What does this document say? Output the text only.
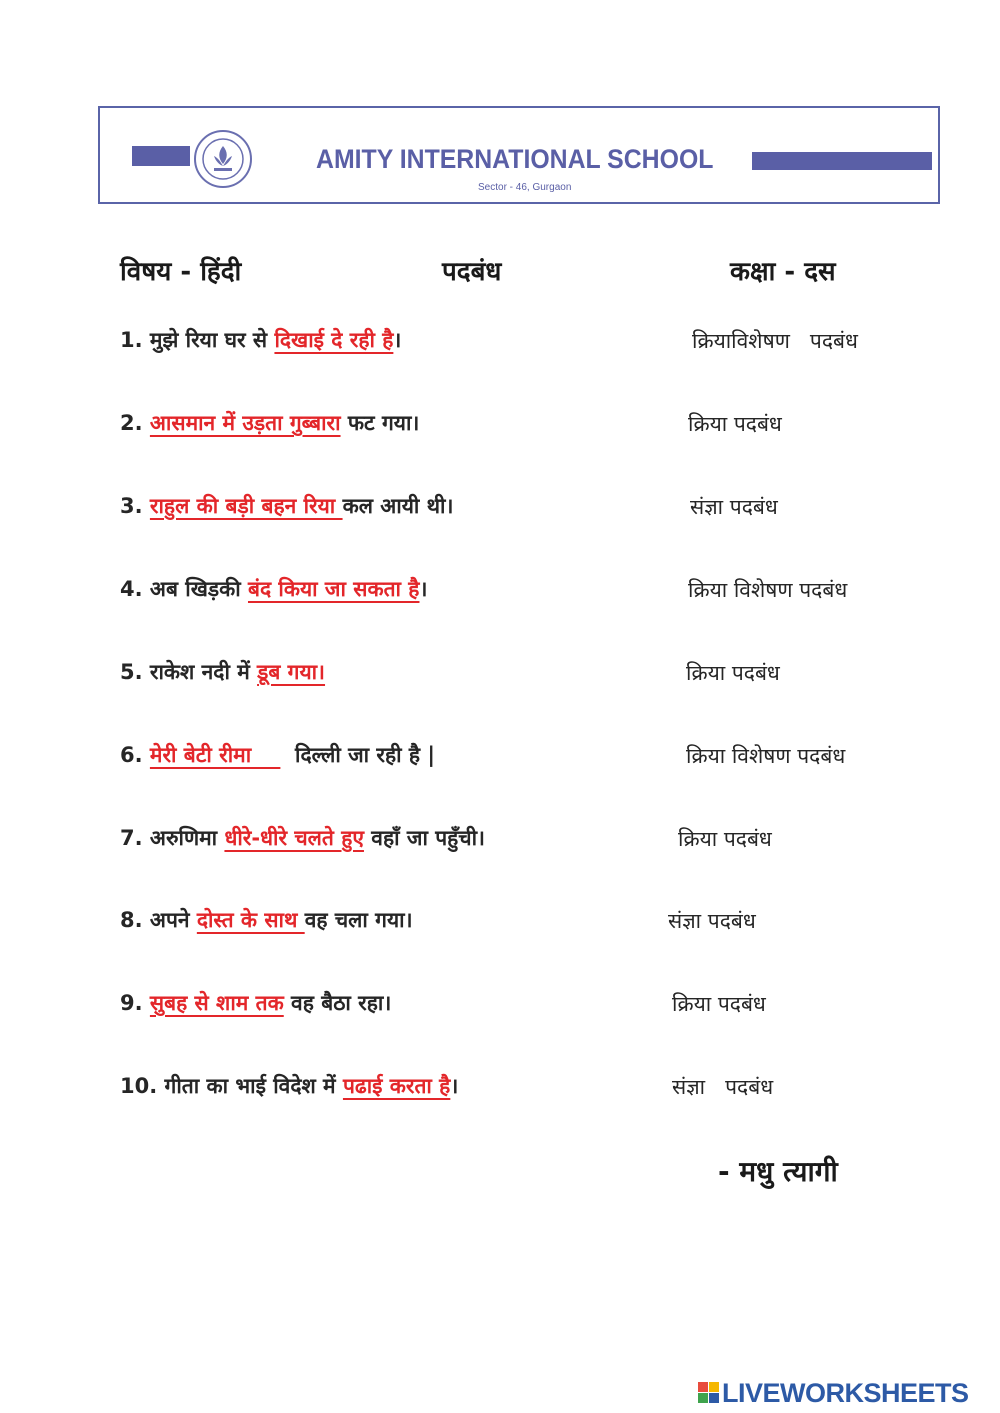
AMITY INTERNATIONAL SCHOOL
Sector - 46, Gurgaon
विषय - हिंदी	पदबंध	कक्षा - दस
1. मुझे रिया घर से दिखाई दे रही है।	क्रियाविशेषण   पदबंध
2. आसमान में उड़ता गुब्बारा फट गया।	क्रिया पदबंध
3. राहुल की बड़ी बहन रिया कल आयी थी।	संज्ञा पदबंध
4. अब खिड़की बंद किया जा सकता है।	क्रिया विशेषण पदबंध
5. राकेश नदी में डूब गया।	क्रिया पदबंध
6. मेरी बेटी रीमा      दिल्ली जा रही है |	क्रिया विशेषण पदबंध
7. अरुणिमा धीरे-धीरे चलते हुए वहाँ जा पहुँची।	क्रिया पदबंध
8. अपने दोस्त के साथ वह चला गया।	संज्ञा पदबंध
9. सुबह से शाम तक वह बैठा रहा।	क्रिया पदबंध
10. गीता का भाई विदेश में पढाई करता है।	संज्ञा   पदबंध
- मधु त्यागी
LIVEWORKSHEETS
